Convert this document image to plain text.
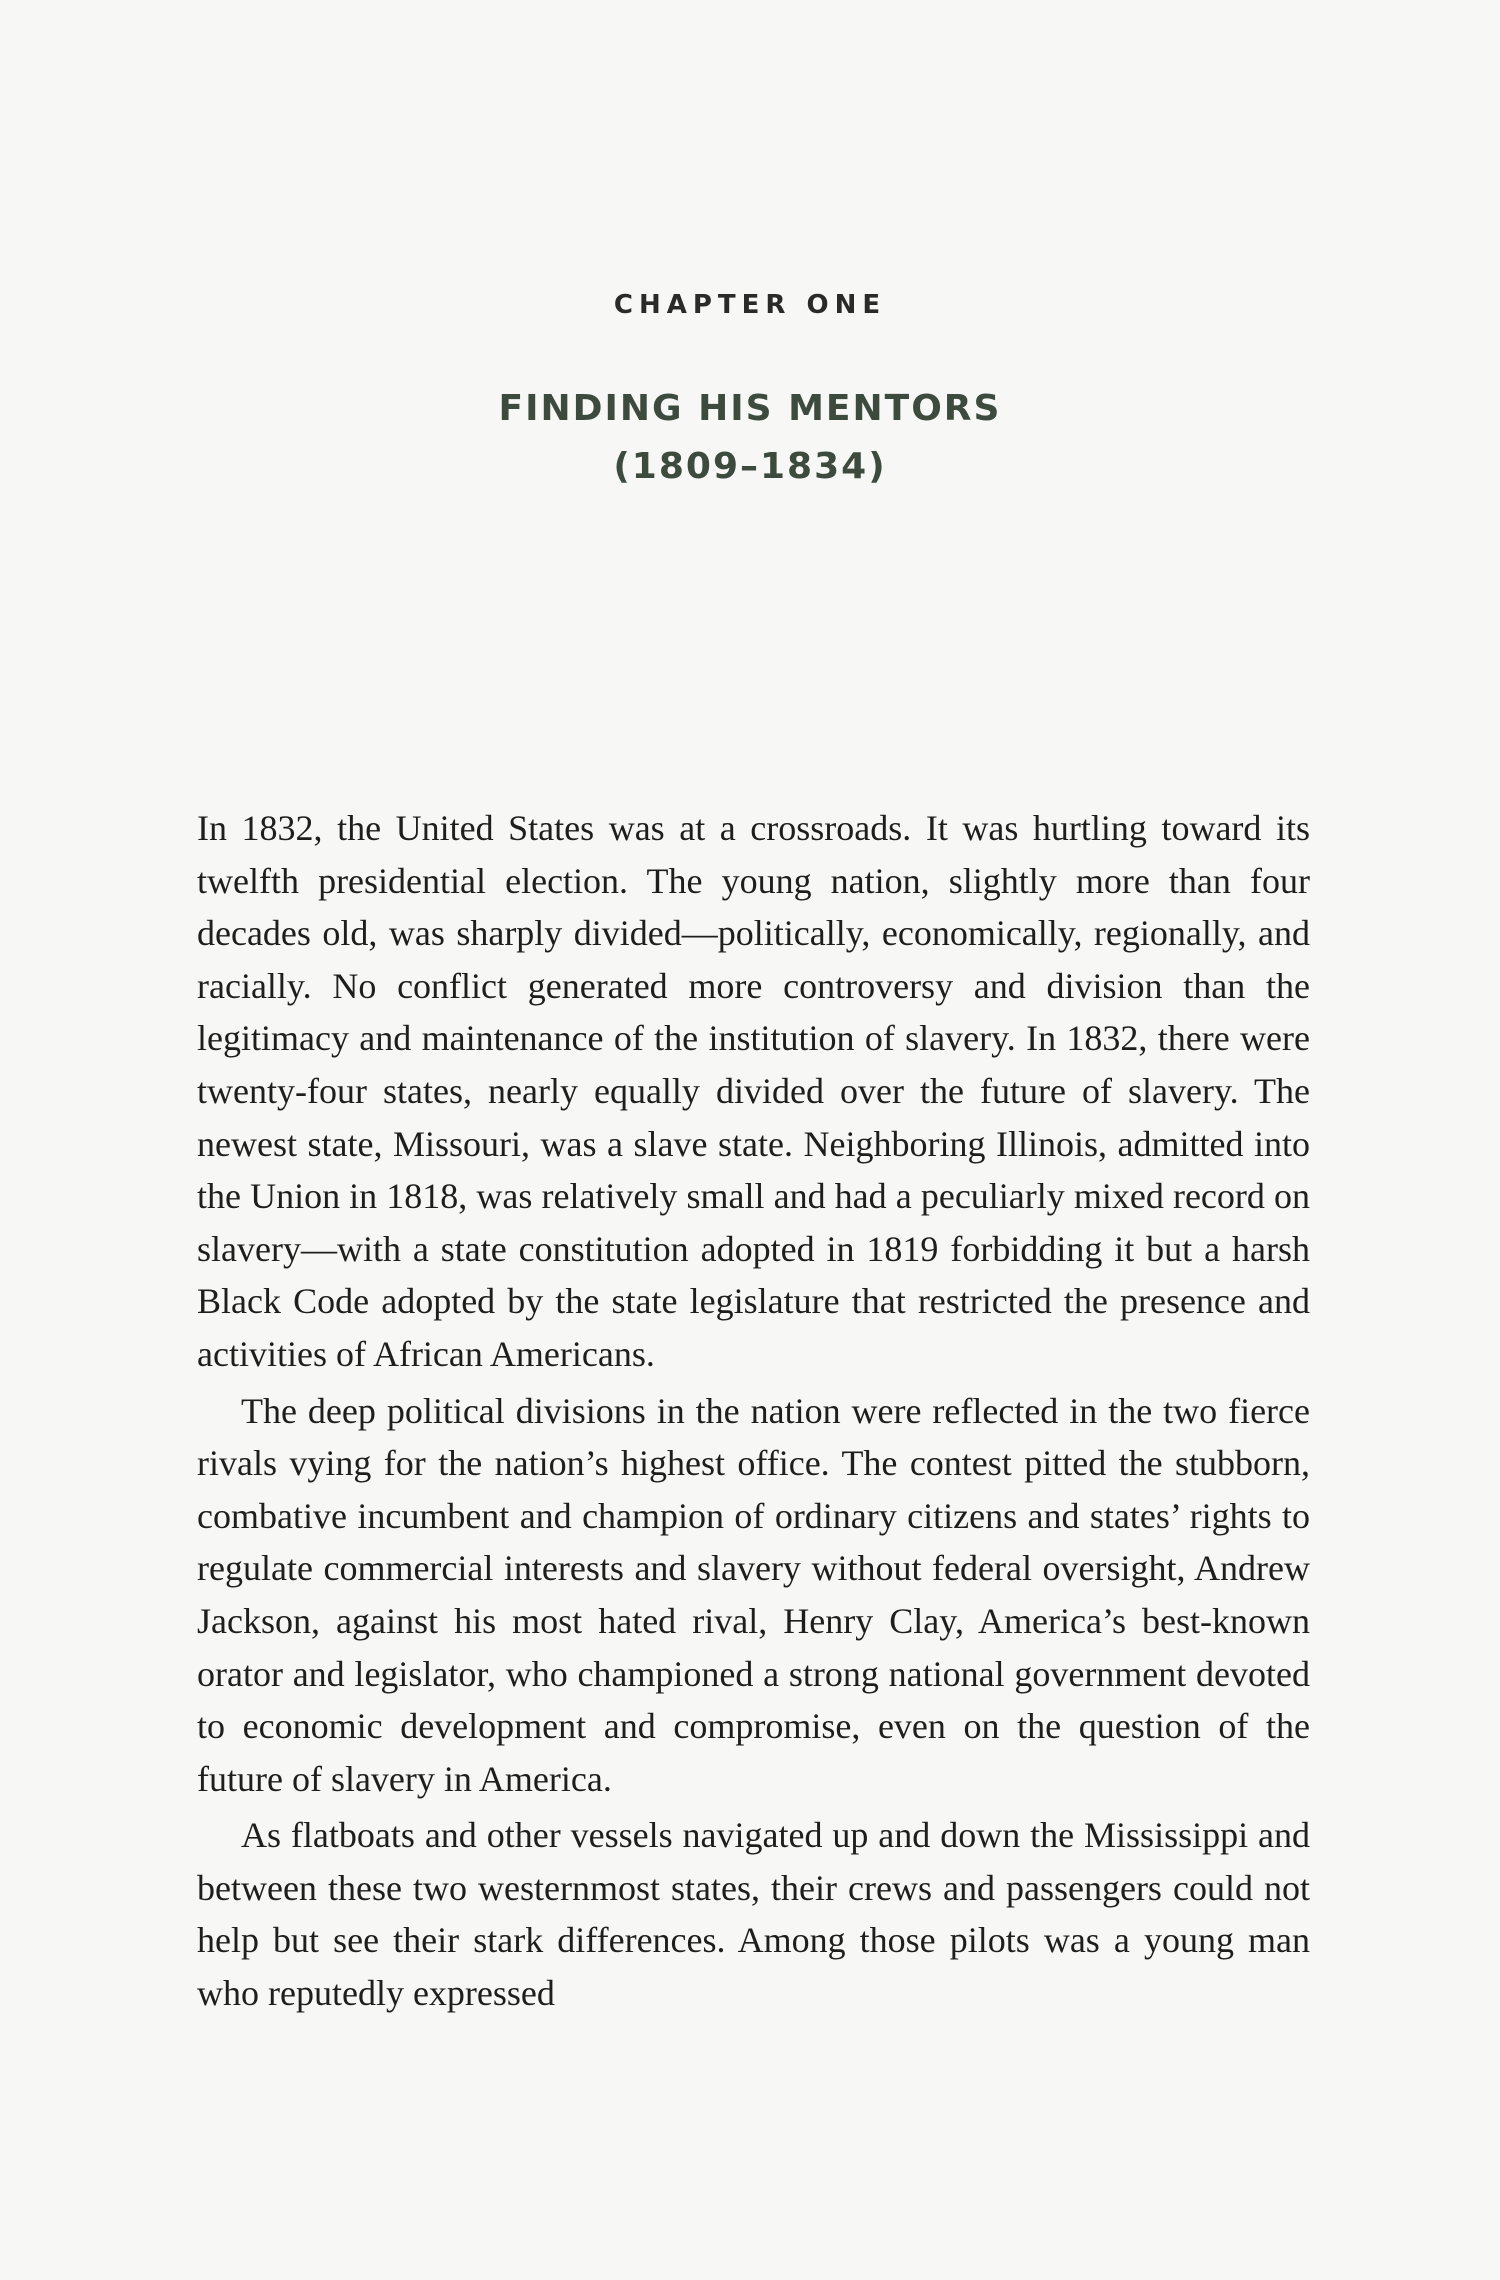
CHAPTER ONE
FINDING HIS MENTORS
(1809–1834)

In 1832, the United States was at a crossroads. It was hurtling toward its twelfth presidential election. The young nation, slightly more than four decades old, was sharply divided—politically, economically, regionally, and racially. No conflict generated more controversy and division than the legitimacy and maintenance of the institution of slavery. In 1832, there were twenty-four states, nearly equally divided over the future of slavery. The newest state, Missouri, was a slave state. Neighboring Illinois, admitted into the Union in 1818, was relatively small and had a peculiarly mixed record on slavery—with a state constitution adopted in 1819 forbidding it but a harsh Black Code adopted by the state legislature that restricted the presence and activities of African Americans.

The deep political divisions in the nation were reflected in the two fierce rivals vying for the nation’s highest office. The contest pitted the stubborn, combative incumbent and champion of ordinary citizens and states’ rights to regulate commercial interests and slavery without federal oversight, Andrew Jackson, against his most hated rival, Henry Clay, America’s best-known orator and legislator, who championed a strong national government devoted to economic development and compromise, even on the question of the future of slavery in America.

As flatboats and other vessels navigated up and down the Mississippi and between these two westernmost states, their crews and passengers could not help but see their stark differences. Among those pilots was a young man who reputedly expressed
